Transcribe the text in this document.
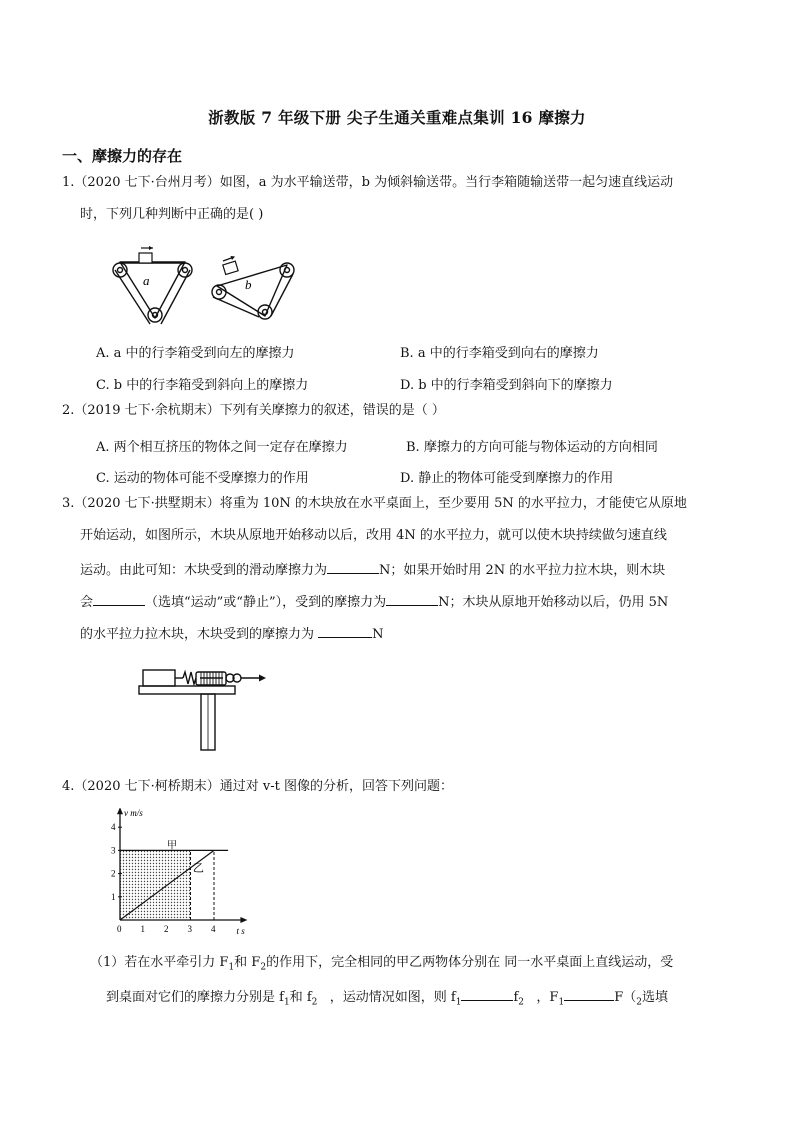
浙教版 7 年级下册 尖子生通关重难点集训 16 摩擦力
一、摩擦力的存在
1.（2020 七下·台州月考）如图，a 为水平输送带，b 为倾斜输送带。当行李箱随输送带一起匀速直线运动
时，下列几种判断中正确的是( )
a	b
A. a 中的行李箱受到向左的摩擦力	B. a 中的行李箱受到向右的摩擦力
C. b 中的行李箱受到斜向上的摩擦力	D. b 中的行李箱受到斜向下的摩擦力
2.（2019 七下·余杭期末）下列有关摩擦力的叙述，错误的是（ ）
A. 两个相互挤压的物体之间一定存在摩擦力	B. 摩擦力的方向可能与物体运动的方向相同
C. 运动的物体可能不受摩擦力的作用	D. 静止的物体可能受到摩擦力的作用
3.（2020 七下·拱墅期末）将重为 10N 的木块放在水平桌面上，至少要用 5N 的水平拉力，才能使它从原地
开始运动，如图所示，木块从原地开始移动以后，改用 4N 的水平拉力，就可以使木块持续做匀速直线
运动。由此可知：木块受到的滑动摩擦力为	N；如果开始时用 2N 的水平拉力拉木块，则木块
会	（选填“运动”或“静止”），受到的摩擦力为	N；木块从原地开始移动以后，仍用 5N
的水平拉力拉木块，木块受到的摩擦力为	N
4.（2020 七下·柯桥期末）通过对 v-t 图像的分析，回答下列问题：
0 1 2 3 4
1
2
3
4
甲
乙
t s
v m/s
（1）若在水平牵引力 $F_1$和 $F_2$的作用下，完全相同的甲乙两物体分别在 同一水平桌面上直线运动，受
到桌面对它们的摩擦力分别是 $f_1$和 $f_2$ ，运动情况如图，则 $f_1$	$f_2$ ，$F_1$	$F(_2$选填
